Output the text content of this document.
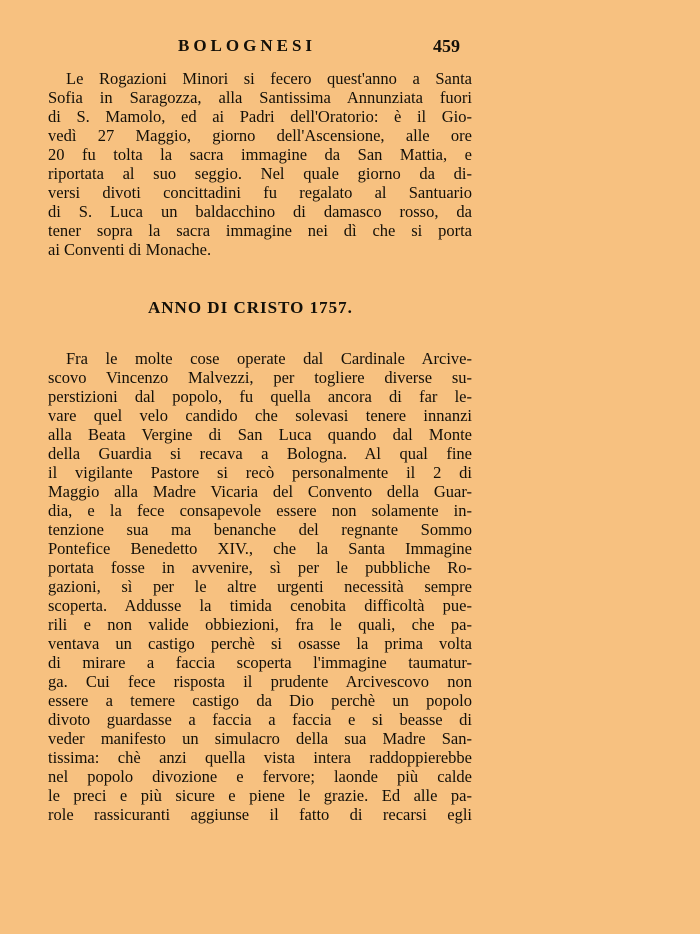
BOLOGNESI	459
Le Rogazioni Minori si fecero quest'anno a Santa
Sofia in Saragozza, alla Santissima Annunziata fuori
di S. Mamolo, ed ai Padri dell'Oratorio: è il Gio-
vedì 27 Maggio, giorno dell'Ascensione, alle ore
20 fu tolta la sacra immagine da San Mattia, e
riportata al suo seggio. Nel quale giorno da di-
versi divoti concittadini fu regalato al Santuario
di S. Luca un baldacchino di damasco rosso, da
tener sopra la sacra immagine nei dì che si porta
ai Conventi di Monache.
ANNO DI CRISTO 1757.
Fra le molte cose operate dal Cardinale Arcive-
scovo Vincenzo Malvezzi, per togliere diverse su-
perstizioni dal popolo, fu quella ancora di far le-
vare quel velo candido che solevasi tenere innanzi
alla Beata Vergine di San Luca quando dal Monte
della Guardia si recava a Bologna. Al qual fine
il vigilante Pastore si recò personalmente il 2 di
Maggio alla Madre Vicaria del Convento della Guar-
dia, e la fece consapevole essere non solamente in-
tenzione sua ma benanche del regnante Sommo
Pontefice Benedetto XIV., che la Santa Immagine
portata fosse in avvenire, sì per le pubbliche Ro-
gazioni, sì per le altre urgenti necessità sempre
scoperta. Addusse la timida cenobita difficoltà pue-
rili e non valide obbiezioni, fra le quali, che pa-
ventava un castigo perchè si osasse la prima volta
di mirare a faccia scoperta l'immagine taumatur-
ga. Cui fece risposta il prudente Arcivescovo non
essere a temere castigo da Dio perchè un popolo
divoto guardasse a faccia a faccia e si beasse di
veder manifesto un simulacro della sua Madre San-
tissima: chè anzi quella vista intera raddoppierebbe
nel popolo divozione e fervore; laonde più calde
le preci e più sicure e piene le grazie. Ed alle pa-
role rassicuranti aggiunse il fatto di recarsi egli
